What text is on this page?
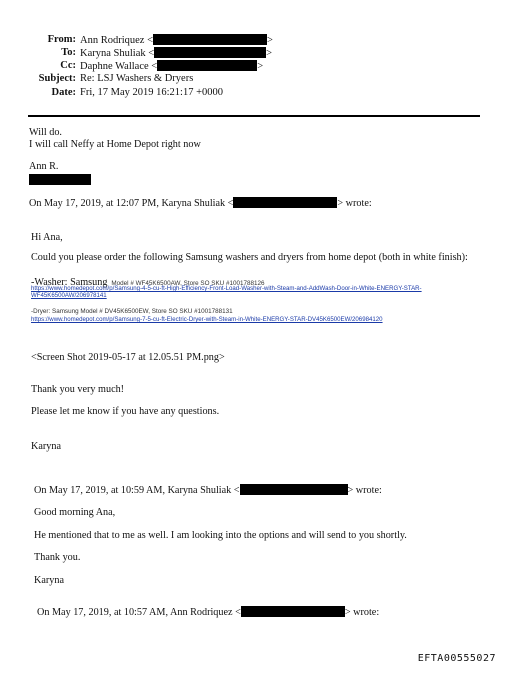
From: Ann Rodriquez <	>
To: Karyna Shuliak <	>
Cc: Daphne Wallace <	>
Subject: Re: LSJ Washers & Dryers
Date: Fri, 17 May 2019 16:21:17 +0000
Will do.
I will call Neffy at Home Depot right now
Ann R.
On May 17, 2019, at 12:07 PM, Karyna Shuliak <	> wrote:
Hi Ana,
Could you please order the following Samsung washers and dryers from home depot (both in white finish):
-Washer: Samsung Model # WF45K6500AW, Store SO SKU #1001788126
https://www.homedepot.com/p/Samsung-4-5-cu-ft-High-Efficiency-Front-Load-Washer-with-Steam-and-AddWash-Door-in-White-ENERGY-STAR-
WF45K6500AW/206978141
-Dryer: Samsung Model # DV45K6500EW, Store SO SKU #1001788131
https://www.homedepot.com/p/Samsung-7-5-cu-ft-Electric-Dryer-with-Steam-in-White-ENERGY-STAR-DV45K6500EW/206984120
<Screen Shot 2019-05-17 at 12.05.51 PM.png>
Thank you very much!
Please let me know if you have any questions.
Karyna
On May 17, 2019, at 10:59 AM, Karyna Shuliak <	> wrote:
Good morning Ana,
He mentioned that to me as well. I am looking into the options and will send to you shortly.
Thank you.
Karyna
On May 17, 2019, at 10:57 AM, Ann Rodriquez <	> wrote:
EFTA00555027
